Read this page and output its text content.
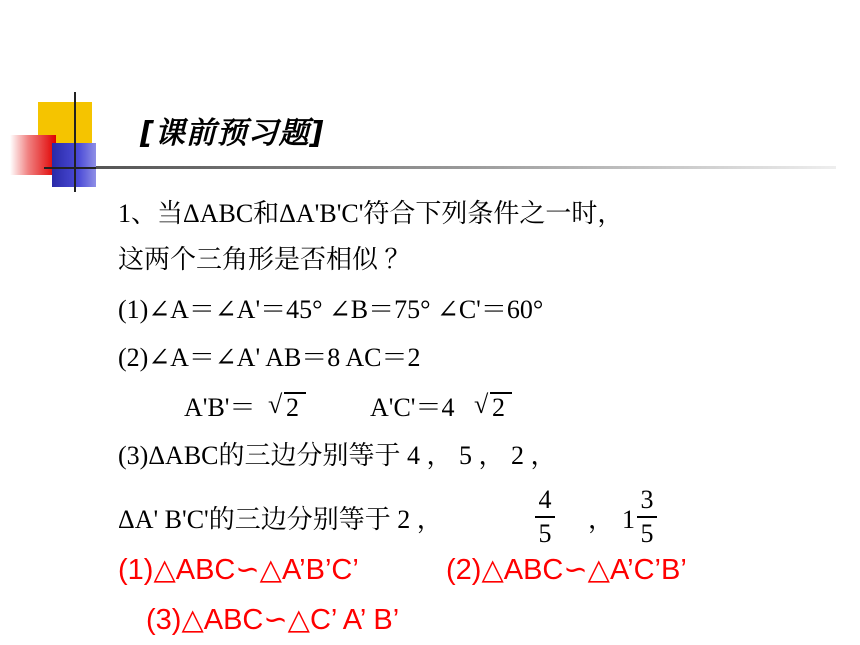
[课前预习题]
1、当ΔABC和ΔA'B'C'符合下列条件之一时，
这两个三角形是否相似 ？
(1)∠A＝∠A'＝45° ∠B＝75° ∠C'＝60°
(2)∠A＝∠A' AB＝8 AC＝2
A'B'＝ √ 2	A'C'＝4 √ 2
(3)ΔABC的三边分别等于 4 ， 5 ， 2 ，
ΔA' B'C'的三边分别等于 2 ，
4
5 ， 1
3
5
(1)△ABC∽△A’B’C’	(2)△ABC∽△A’C’B’
(3)△ABC∽△C’ A’ B’
